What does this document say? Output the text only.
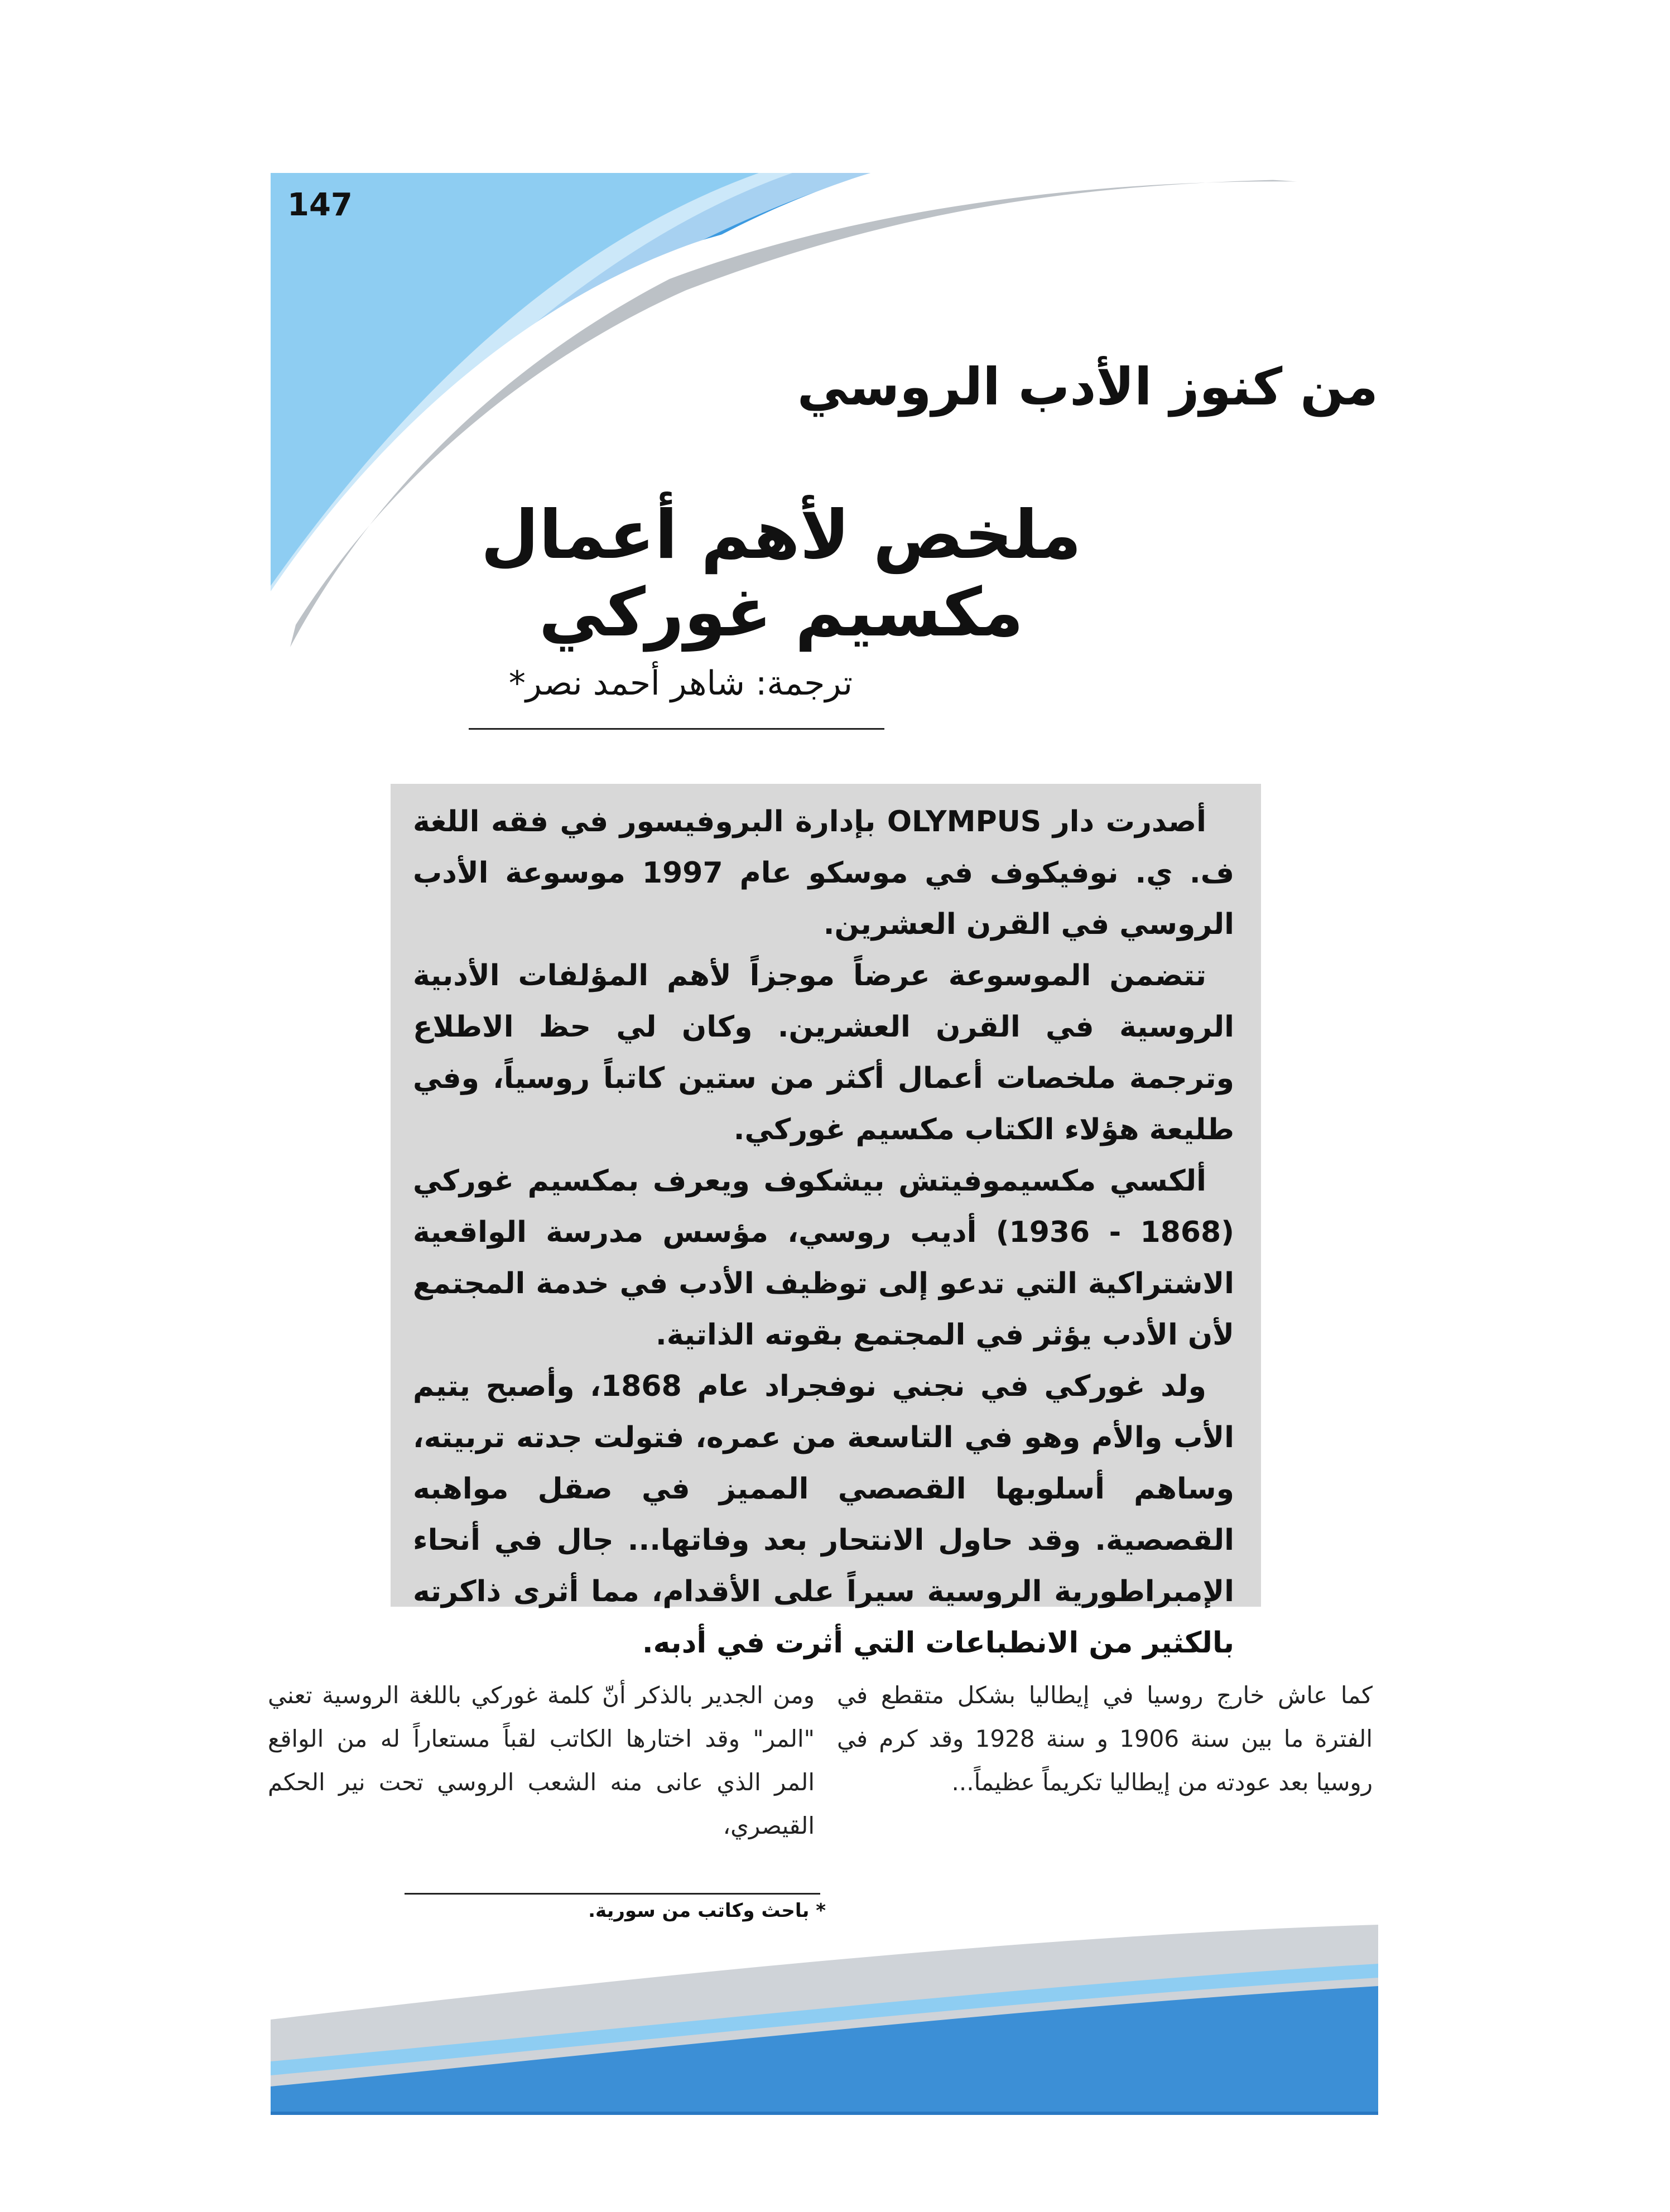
147
من كنوز الأدب الروسي
ملخص لأهم أعمال مكسيم غوركي
ترجمة: شاهر أحمد نصر*

أصدرت دار OLYMPUS بإدارة البروفيسور في فقه اللغة ف. ي. نوفيكوف في موسكو عام 1997 موسوعة الأدب الروسي في القرن العشرين.

تتضمن الموسوعة عرضاً موجزاً لأهم المؤلفات الأدبية الروسية في القرن العشرين. وكان لي حظ الاطلاع وترجمة ملخصات أعمال أكثر من ستين كاتباً روسياً، وفي طليعة هؤلاء الكتاب مكسيم غوركي.

ألكسي مكسيموفيتش بيشكوف ويعرف بمكسيم غوركي (1868 - 1936) أديب روسي، مؤسس مدرسة الواقعية الاشتراكية التي تدعو إلى توظيف الأدب في خدمة المجتمع لأن الأدب يؤثر في المجتمع بقوته الذاتية.

ولد غوركي في نجني نوفجراد عام 1868، وأصبح يتيم الأب والأم وهو في التاسعة من عمره، فتولت جدته تربيته، وساهم أسلوبها القصصي المميز في صقل مواهبه القصصية. وقد حاول الانتحار بعد وفاتها... جال في أنحاء الإمبراطورية الروسية سيراً على الأقدام، مما أثرى ذاكرته بالكثير من الانطباعات التي أثرت في أدبه.

كما عاش خارج روسيا في إيطاليا بشكل متقطع في الفترة ما بين سنة 1906 و سنة 1928 وقد كرم في روسيا بعد عودته من إيطاليا تكريماً عظيماً...
ومن الجدير بالذكر أنّ كلمة غوركي باللغة الروسية تعني "المر" وقد اختارها الكاتب لقباً مستعاراً له من الواقع المر الذي عانى منه الشعب الروسي تحت نير الحكم القيصري،
* باحث وكاتب من سورية.
